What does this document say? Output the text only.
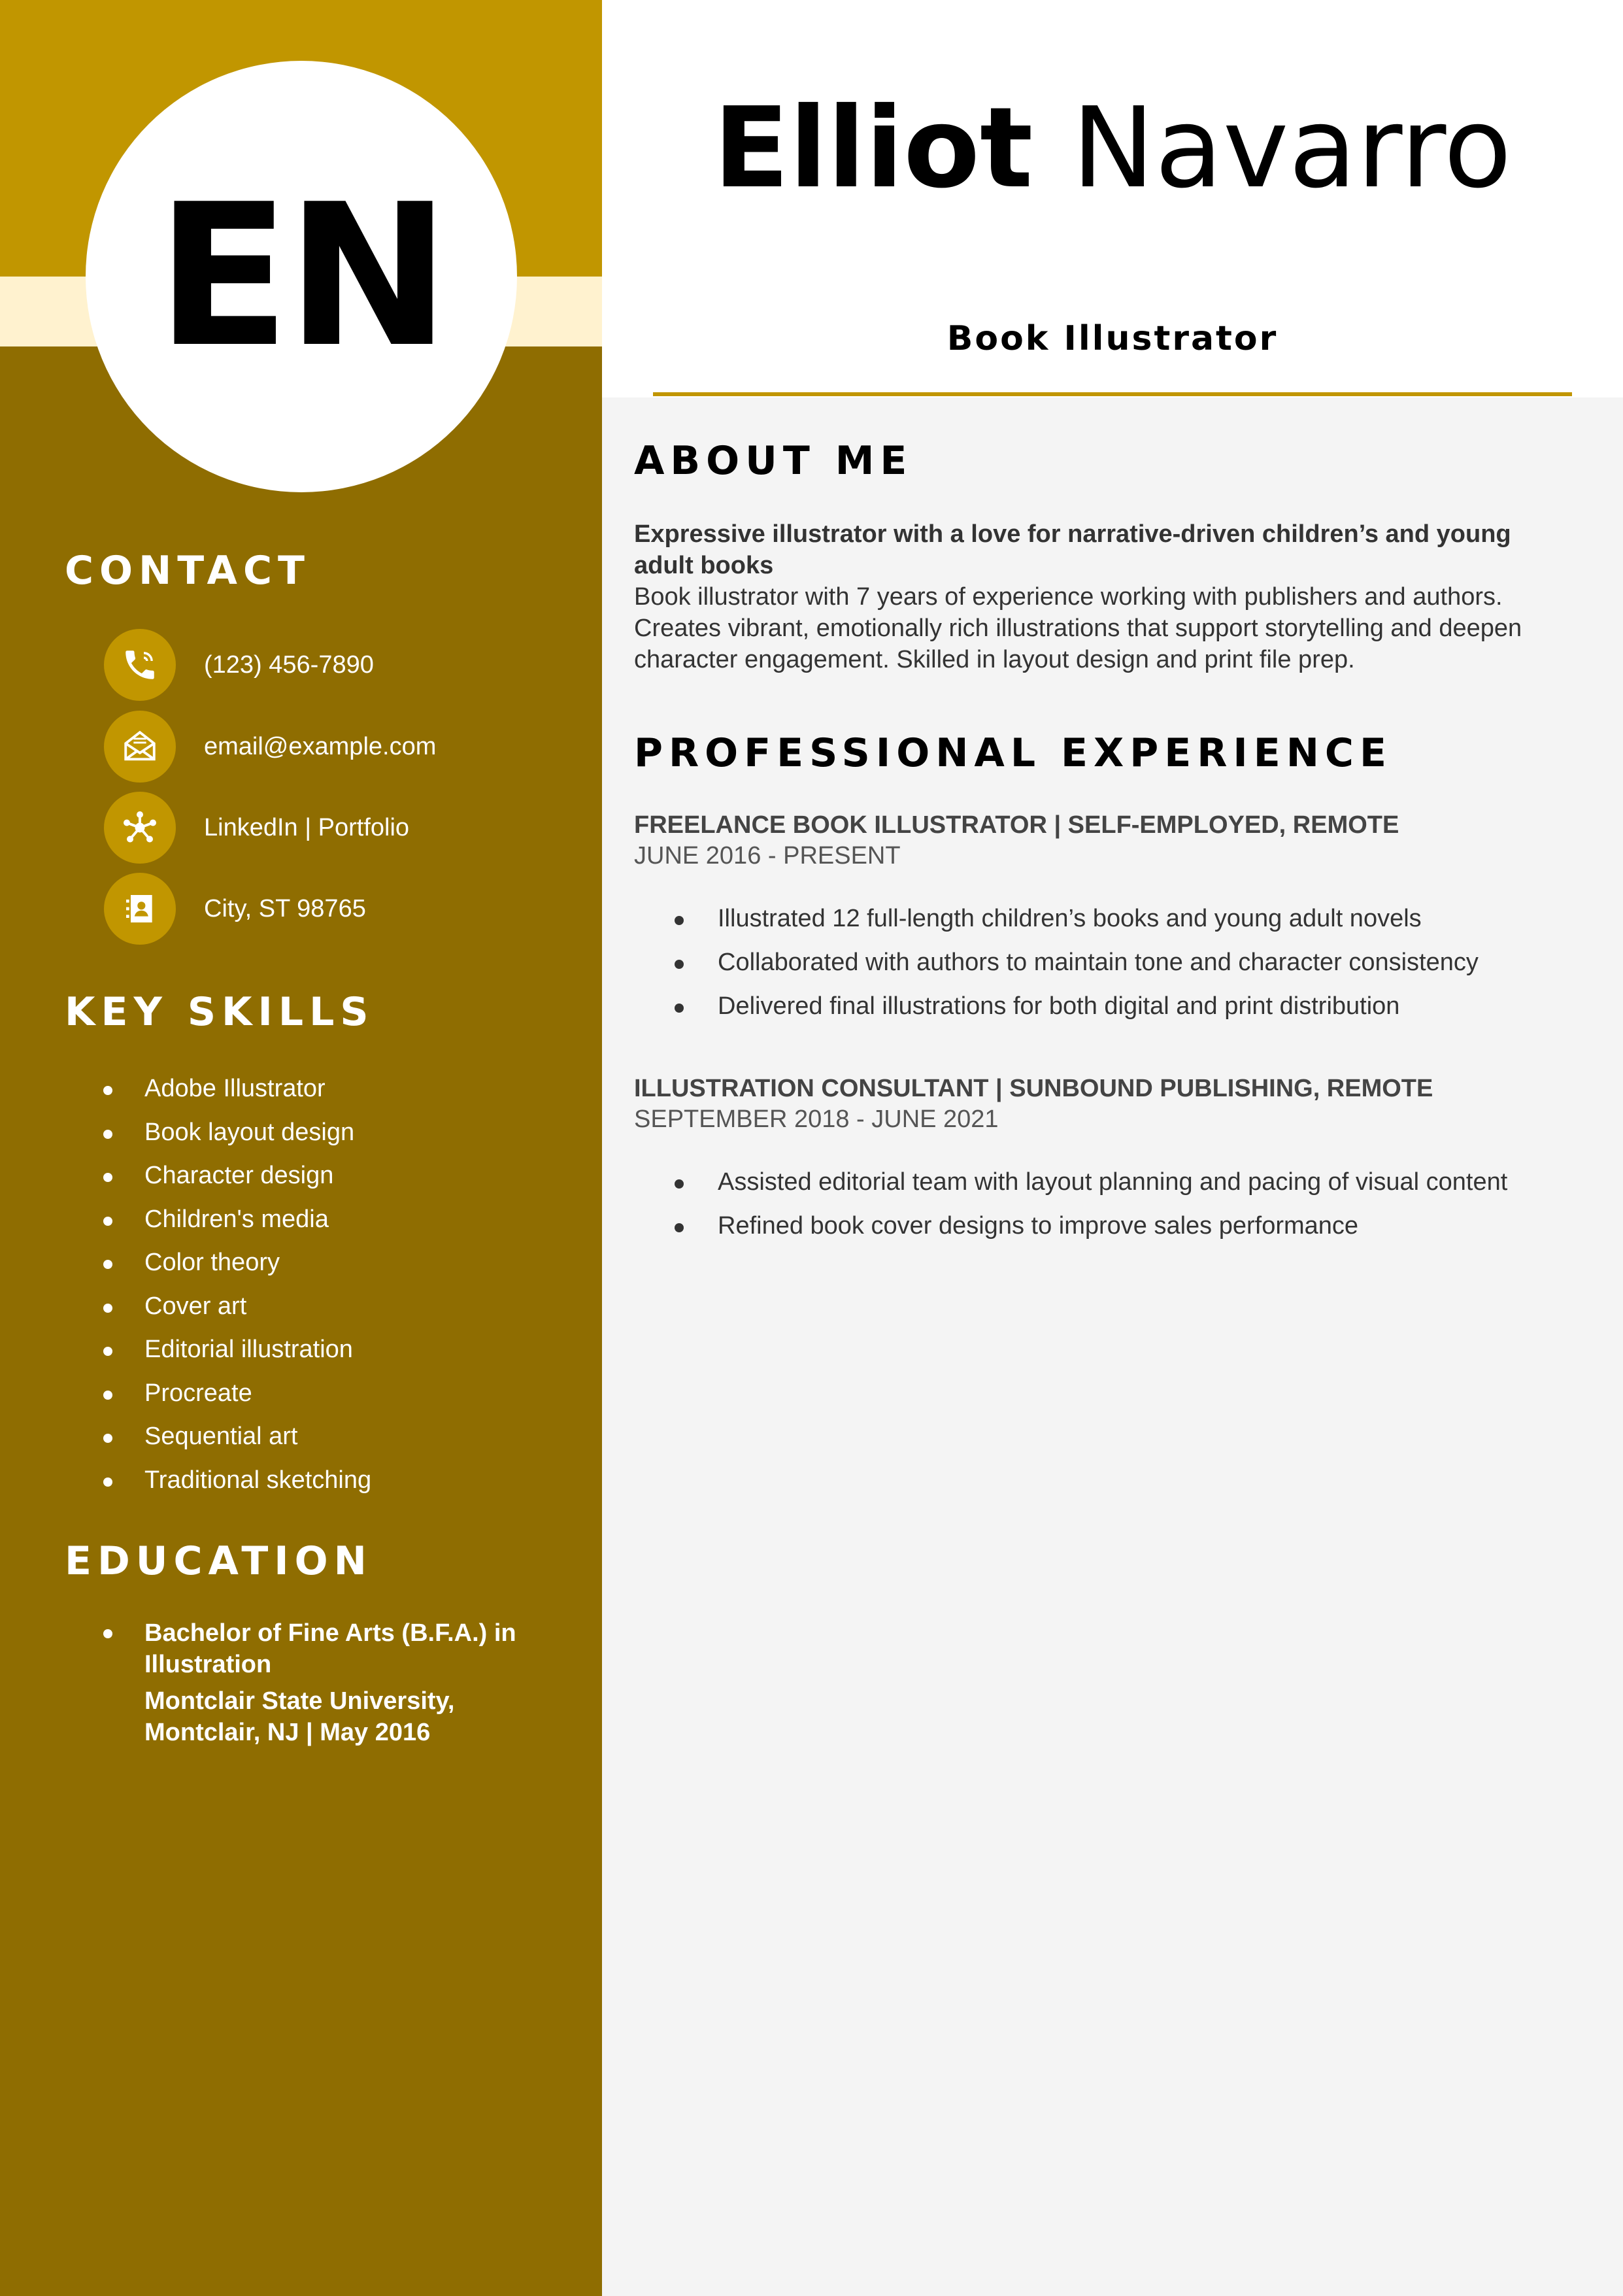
EN
Elliot Navarro
Book Illustrator
CONTACT
(123) 456-7890
email@example.com
LinkedIn | Portfolio
City, ST 98765
KEY SKILLS
Adobe Illustrator
Book layout design
Character design
Children's media
Color theory
Cover art
Editorial illustration
Procreate
Sequential art
Traditional sketching
EDUCATION
Bachelor of Fine Arts (B.F.A.) in Illustration
Montclair State University, Montclair, NJ | May 2016
ABOUT ME

Expressive illustrator with a love for narrative-driven children’s and young adult books
Book illustrator with 7 years of experience working with publishers and authors. Creates vibrant, emotionally rich illustrations that support storytelling and deepen character engagement. Skilled in layout design and print file prep.

PROFESSIONAL EXPERIENCE
FREELANCE BOOK ILLUSTRATOR | SELF-EMPLOYED, REMOTE
JUNE 2016 - PRESENT
Illustrated 12 full-length children’s books and young adult novels
Collaborated with authors to maintain tone and character consistency
Delivered final illustrations for both digital and print distribution
ILLUSTRATION CONSULTANT | SUNBOUND PUBLISHING, REMOTE
SEPTEMBER 2018 - JUNE 2021
Assisted editorial team with layout planning and pacing of visual content
Refined book cover designs to improve sales performance
